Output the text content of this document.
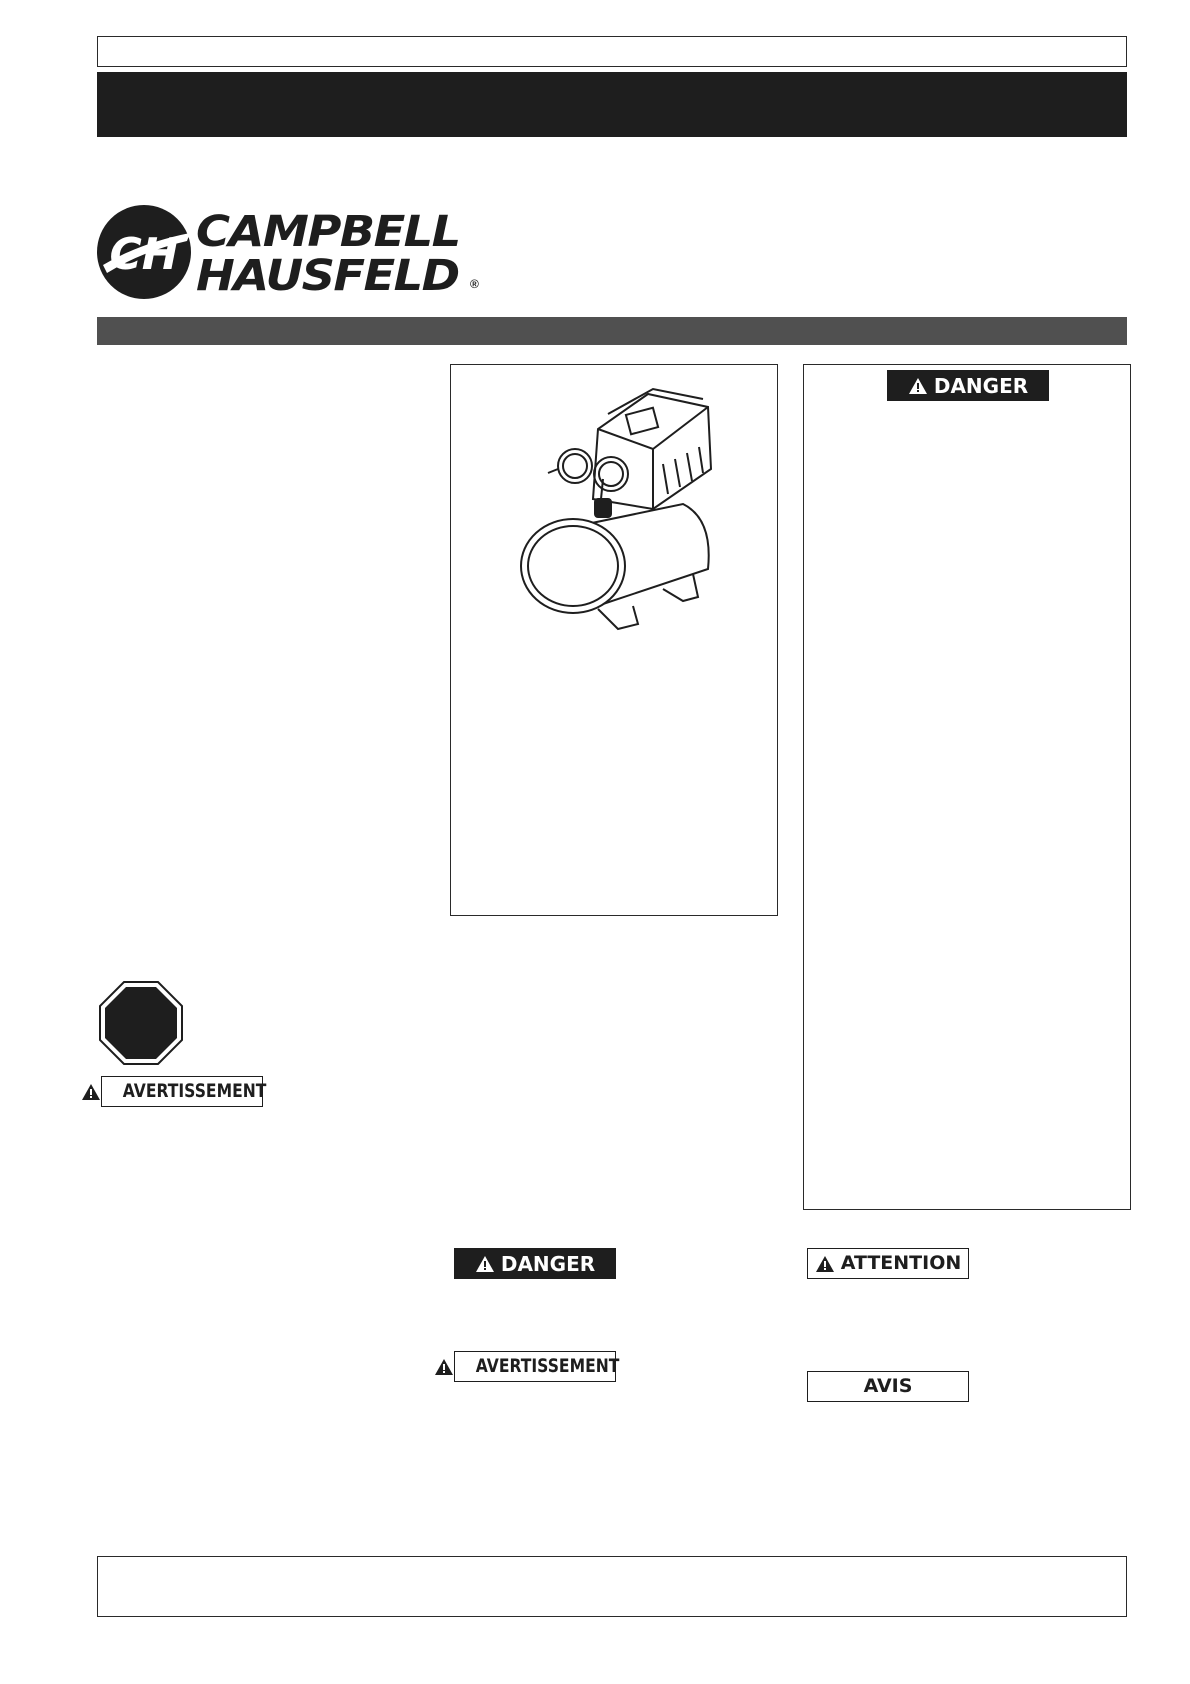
CH CAMPBELL
HAUSFELD ®
DANGER
AVERTISSEMENT
DANGER
AVERTISSEMENT
ATTENTION
AVIS
